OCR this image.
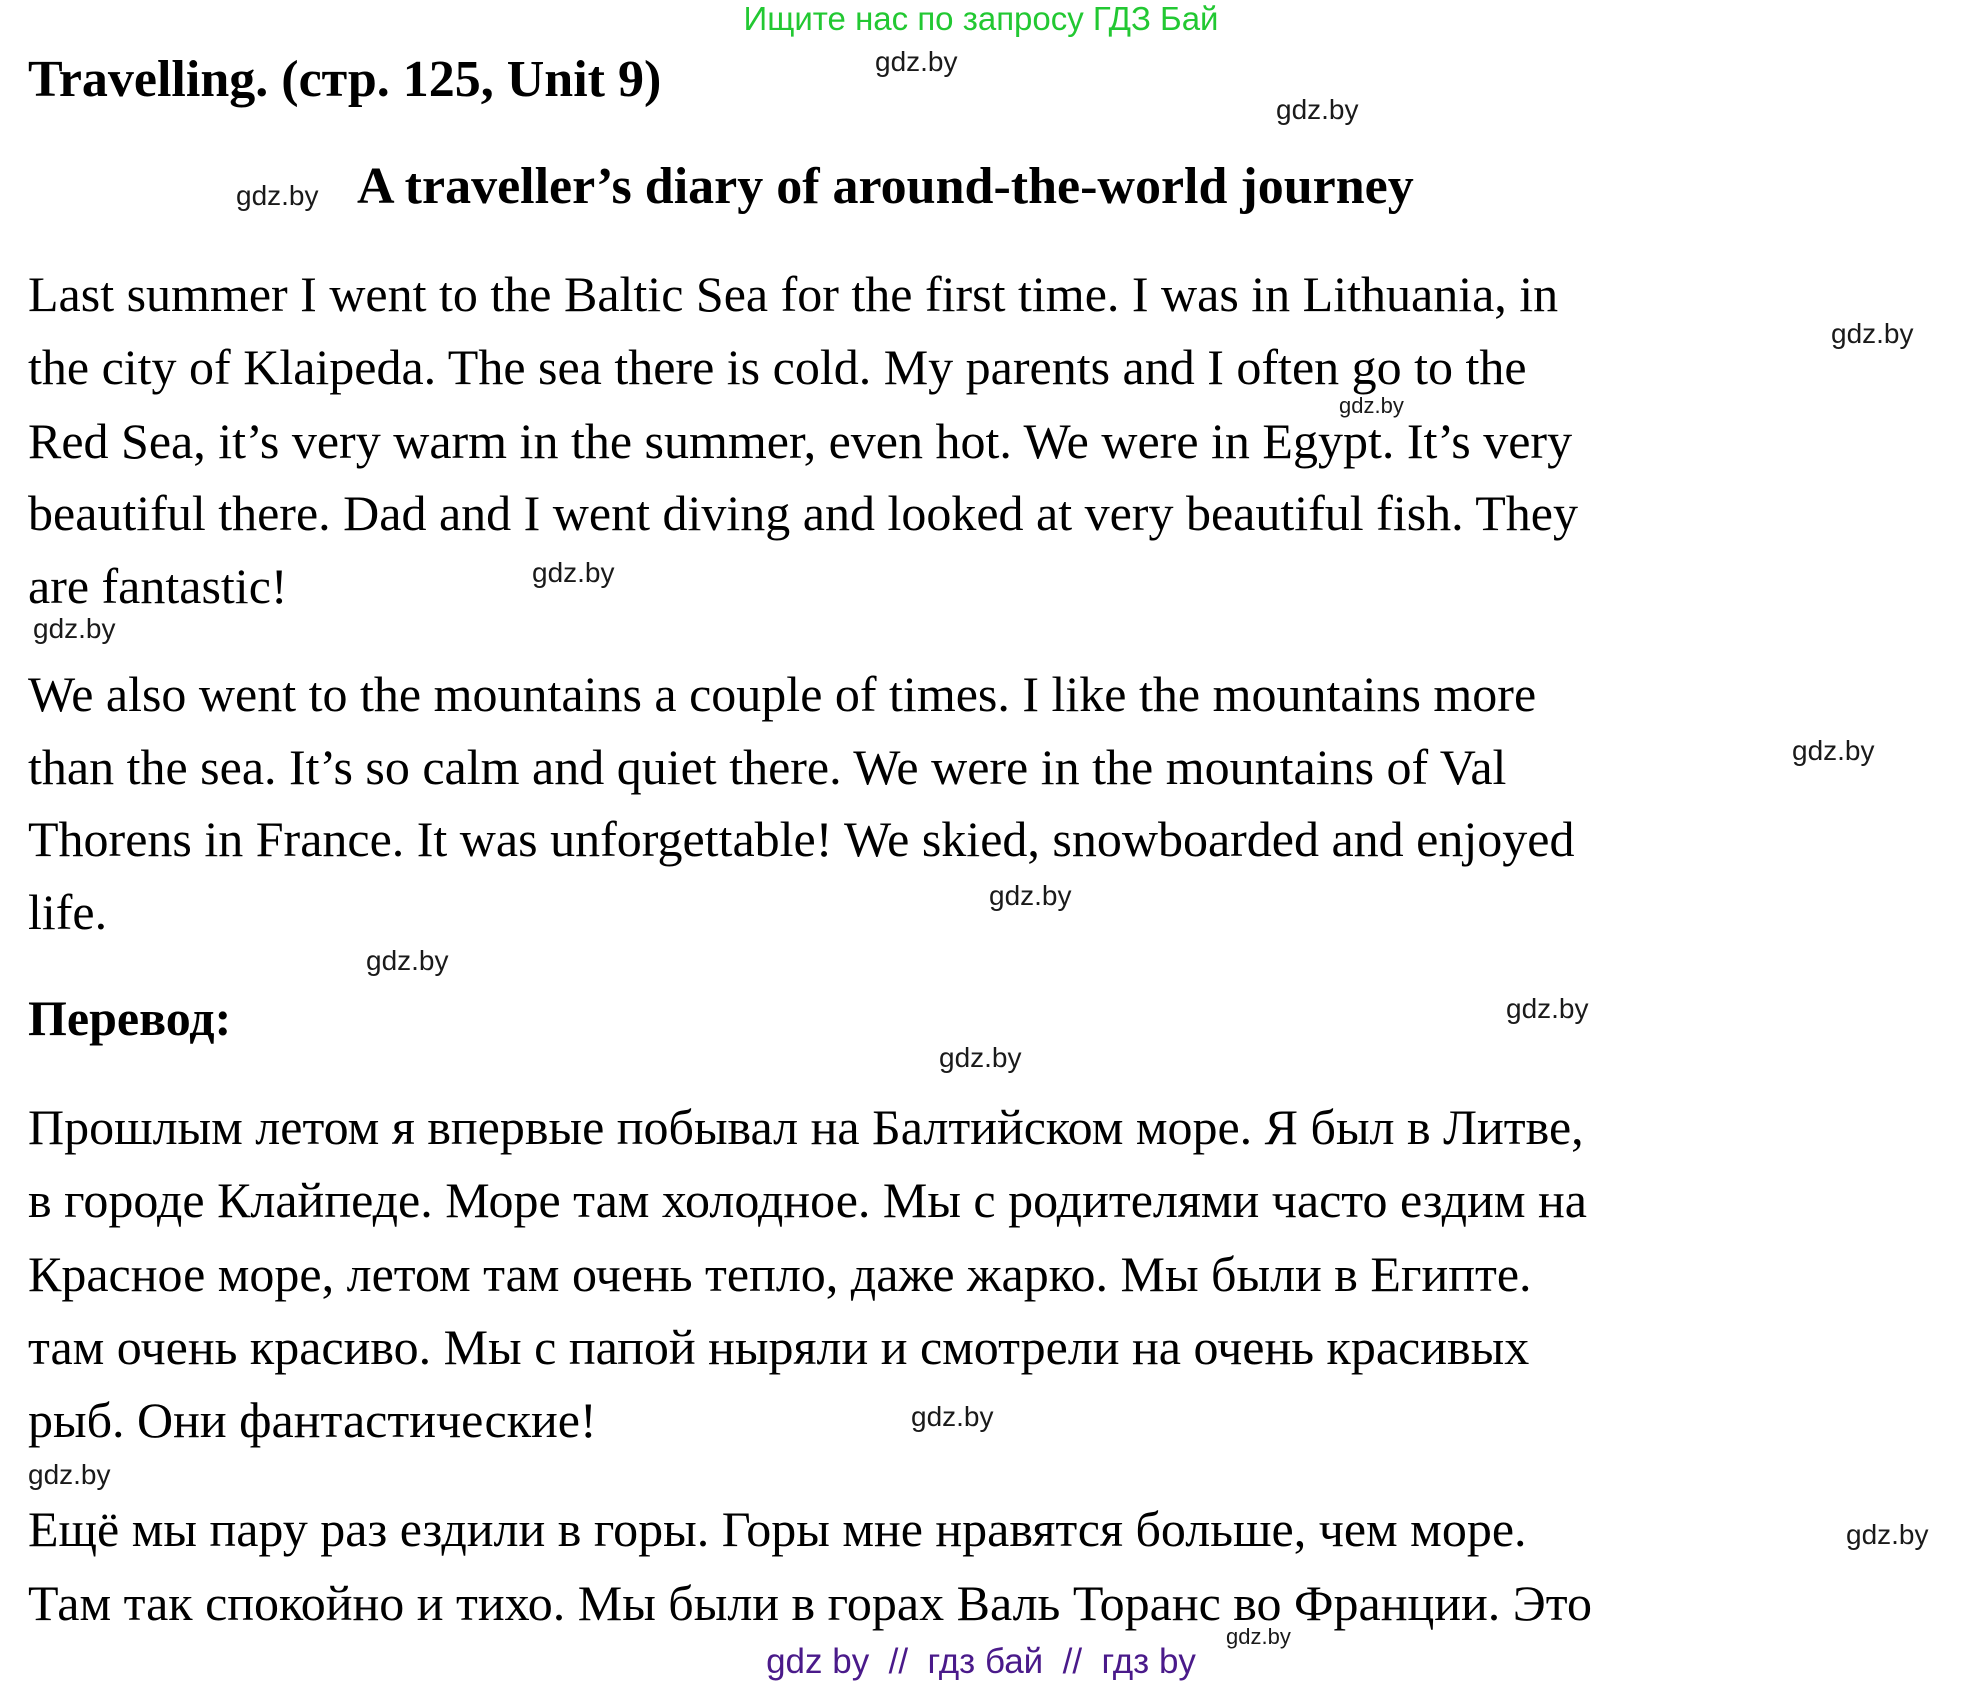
Ищите нас по запросу ГДЗ Бай
Travelling. (стр. 125, Unit 9)
A traveller’s diary of around-the-world journey

Last summer I went to the Baltic Sea for the first time. I was in Lithuania, in

the city of Klaipeda. The sea there is cold. My parents and I often go to the

Red Sea, it’s very warm in the summer, even hot. We were in Egypt. It’s very

beautiful there. Dad and I went diving and looked at very beautiful fish. They

are fantastic!

We also went to the mountains a couple of times. I like the mountains more

than the sea. It’s so calm and quiet there. We were in the mountains of Val

Thorens in France. It was unforgettable! We skied, snowboarded and enjoyed

life.

Перевод:

Прошлым летом я впервые побывал на Балтийском море. Я был в Литве,

в городе Клайпеде. Море там холодное. Мы с родителями часто ездим на

Красное море, летом там очень тепло, даже жарко. Мы были в Египте.

там очень красиво. Мы с папой ныряли и смотрели на очень красивых

рыб. Они фантастические!

Ещё мы пару раз ездили в горы. Горы мне нравятся больше, чем море.

Там так спокойно и тихо. Мы были в горах Валь Торанс во Франции. Это

gdz.by
gdz.by
gdz.by
gdz.by
gdz.by
gdz.by
gdz.by
gdz.by
gdz.by
gdz.by
gdz.by
gdz.by
gdz.by
gdz.by
gdz.by
gdz.by
gdz by  //  гдз бай  //  гдз by
